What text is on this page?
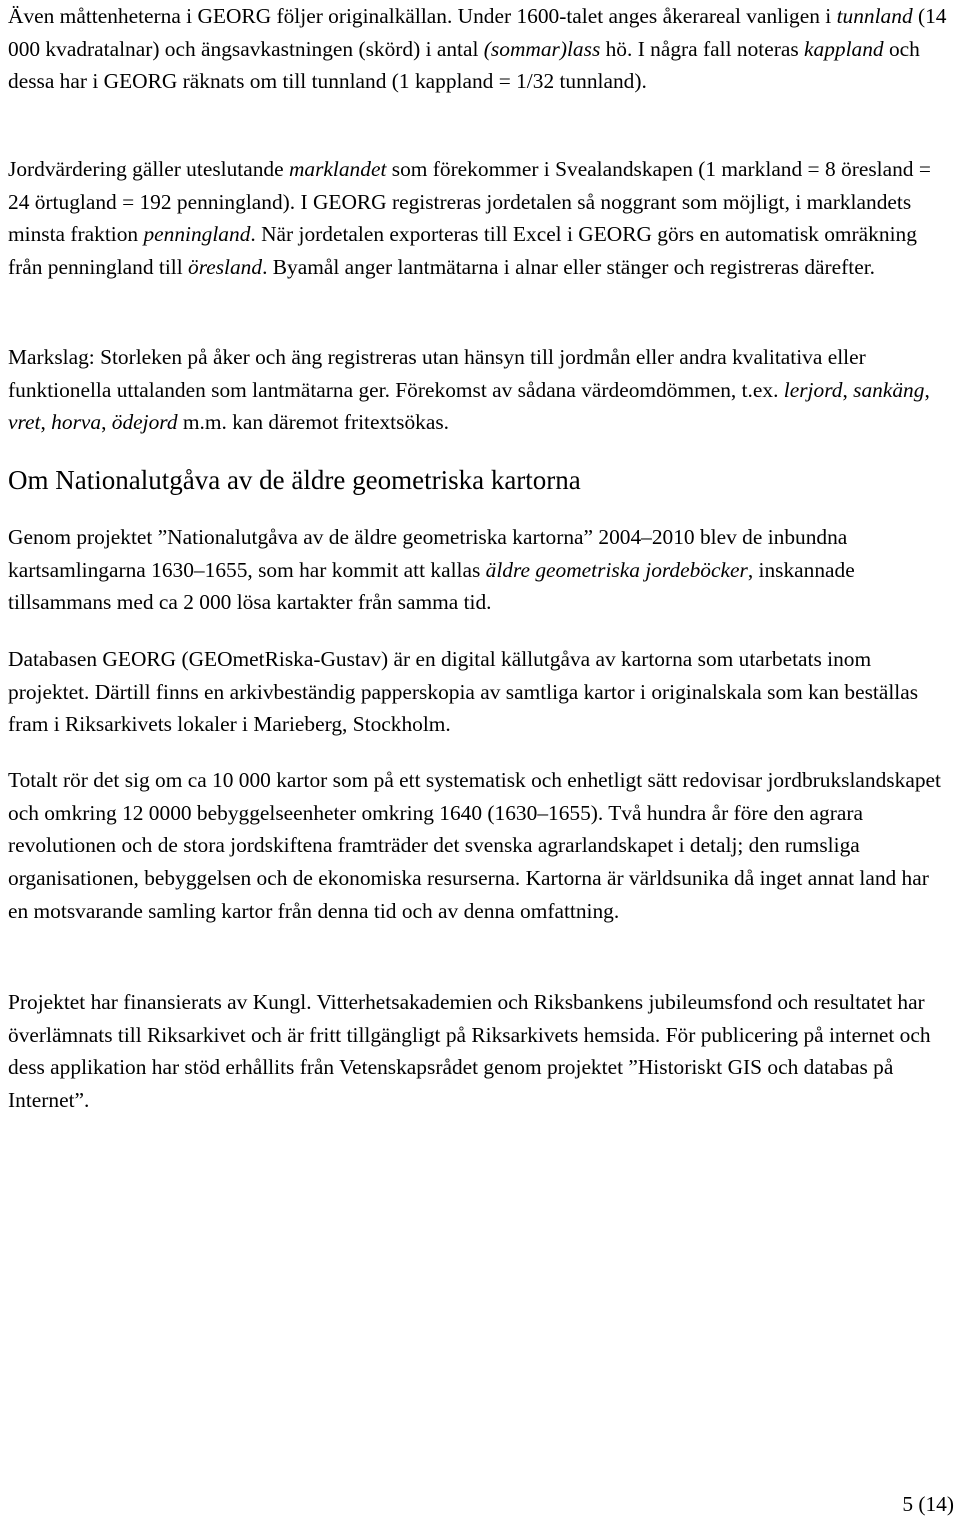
Även måttenheterna i GEORG följer originalkällan. Under 1600-talet anges åkerareal vanligen i tunnland (14 000 kvadratalnar) och ängsavkastningen (skörd) i antal (sommar)lass hö. I några fall noteras kappland och dessa har i GEORG räknats om till tunnland (1 kappland = 1/32 tunnland).

Jordvärdering gäller uteslutande marklandet som förekommer i Svealandskapen (1 markland = 8 öresland = 24 örtugland = 192 penningland). I GEORG registreras jordetalen så noggrant som möjligt, i marklandets minsta fraktion penningland. När jordetalen exporteras till Excel i GEORG görs en automatisk omräkning från penningland till öresland. Byamål anger lantmätarna i alnar eller stänger och registreras därefter.

Markslag: Storleken på åker och äng registreras utan hänsyn till jordmån eller andra kvalitativa eller funktionella uttalanden som lantmätarna ger. Förekomst av sådana värdeomdömmen, t.ex. lerjord, sankäng, vret, horva, ödejord m.m. kan däremot fritextsökas.

Om Nationalutgåva av de äldre geometriska kartorna

Genom projektet ”Nationalutgåva av de äldre geometriska kartorna” 2004–2010 blev de inbundna kartsamlingarna 1630–1655, som har kommit att kallas äldre geometriska jordeböcker, inskannade tillsammans med ca 2 000 lösa kartakter från samma tid.

Databasen GEORG (GEOmetRiska-Gustav) är en digital källutgåva av kartorna som utarbetats inom projektet. Därtill finns en arkivbeständig papperskopia av samtliga kartor i originalskala som kan beställas fram i Riksarkivets lokaler i Marieberg, Stockholm.

Totalt rör det sig om ca 10 000 kartor som på ett systematisk och enhetligt sätt redovisar jordbrukslandskapet och omkring 12 0000 bebyggelseenheter omkring 1640 (1630–1655). Två hundra år före den agrara revolutionen och de stora jordskiftena framträder det svenska agrarlandskapet i detalj; den rumsliga organisationen, bebyggelsen och de ekonomiska resurserna. Kartorna är världsunika då inget annat land har en motsvarande samling kartor från denna tid och av denna omfattning.

Projektet har finansierats av Kungl. Vitterhetsakademien och Riksbankens jubileumsfond och resultatet har överlämnats till Riksarkivet och är fritt tillgängligt på Riksarkivets hemsida. För publicering på internet och dess applikation har stöd erhållits från Vetenskapsrådet genom projektet ”Historiskt GIS och databas på Internet”.

5 (14)
